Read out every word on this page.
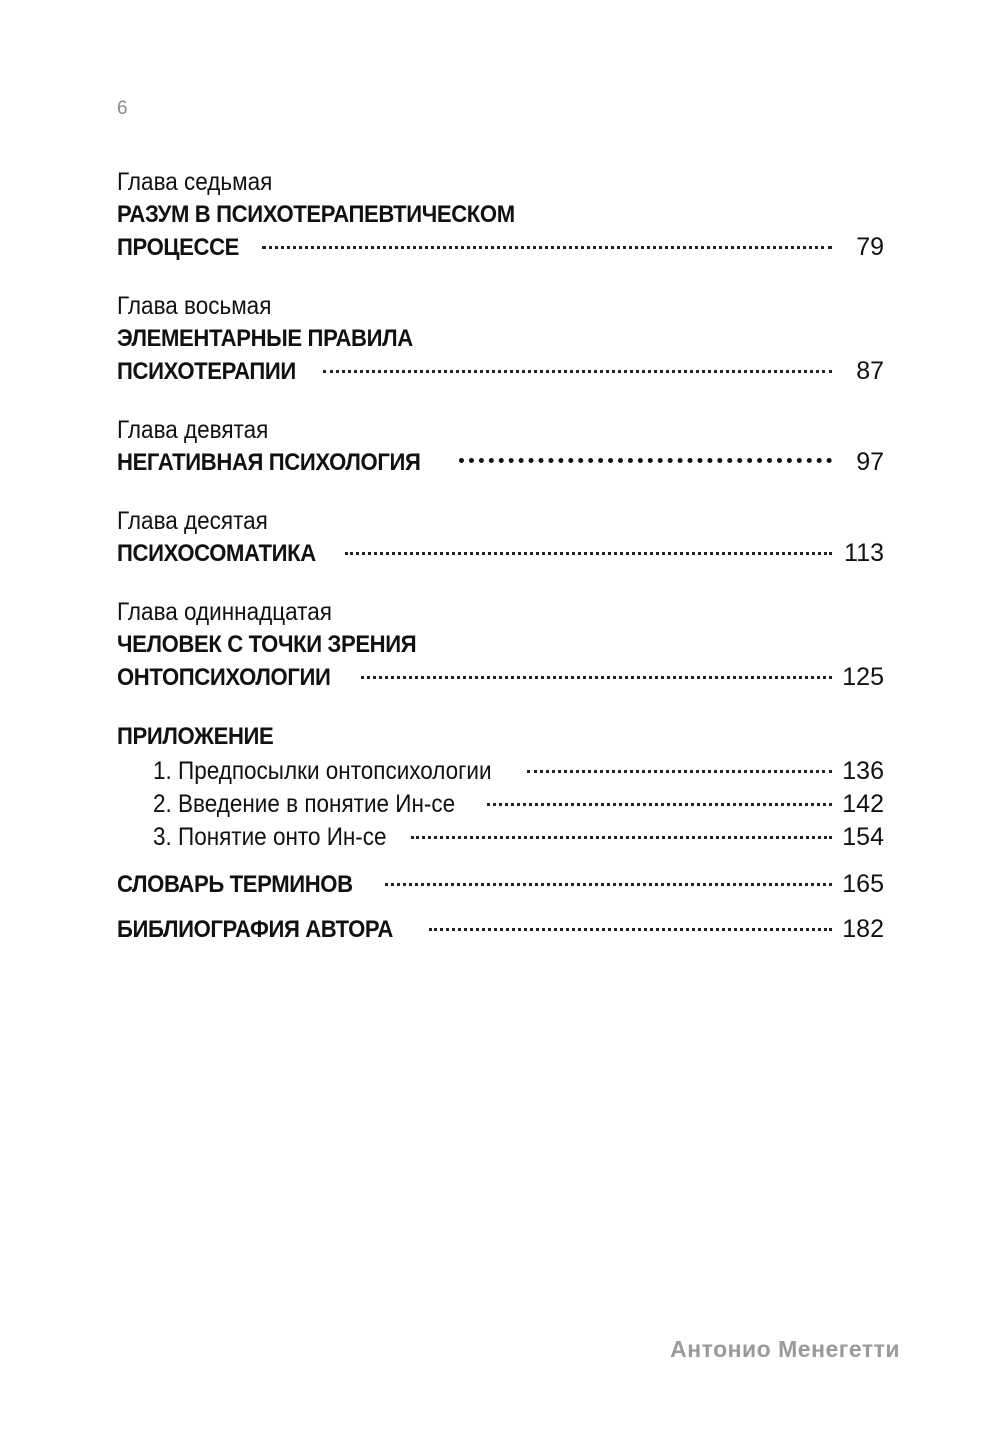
6
Глава седьмая
РАЗУМ В ПСИХОТЕРАПЕВТИЧЕСКОМ
ПРОЦЕССЕ	79
Глава восьмая
ЭЛЕМЕНТАРНЫЕ ПРАВИЛА
ПСИХОТЕРАПИИ	87
Глава девятая
НЕГАТИВНАЯ ПСИХОЛОГИЯ	97
Глава десятая
ПСИХОСОМАТИКА	113
Глава одиннадцатая
ЧЕЛОВЕК С ТОЧКИ ЗРЕНИЯ
ОНТОПСИХОЛОГИИ	125
ПРИЛОЖЕНИЕ
1. Предпосылки онтопсихологии	136
2. Введение в понятие Ин-се	142
3. Понятие онто Ин-се	154
СЛОВАРЬ ТЕРМИНОВ	165
БИБЛИОГРАФИЯ АВТОРА	182
Антонио Менегетти
